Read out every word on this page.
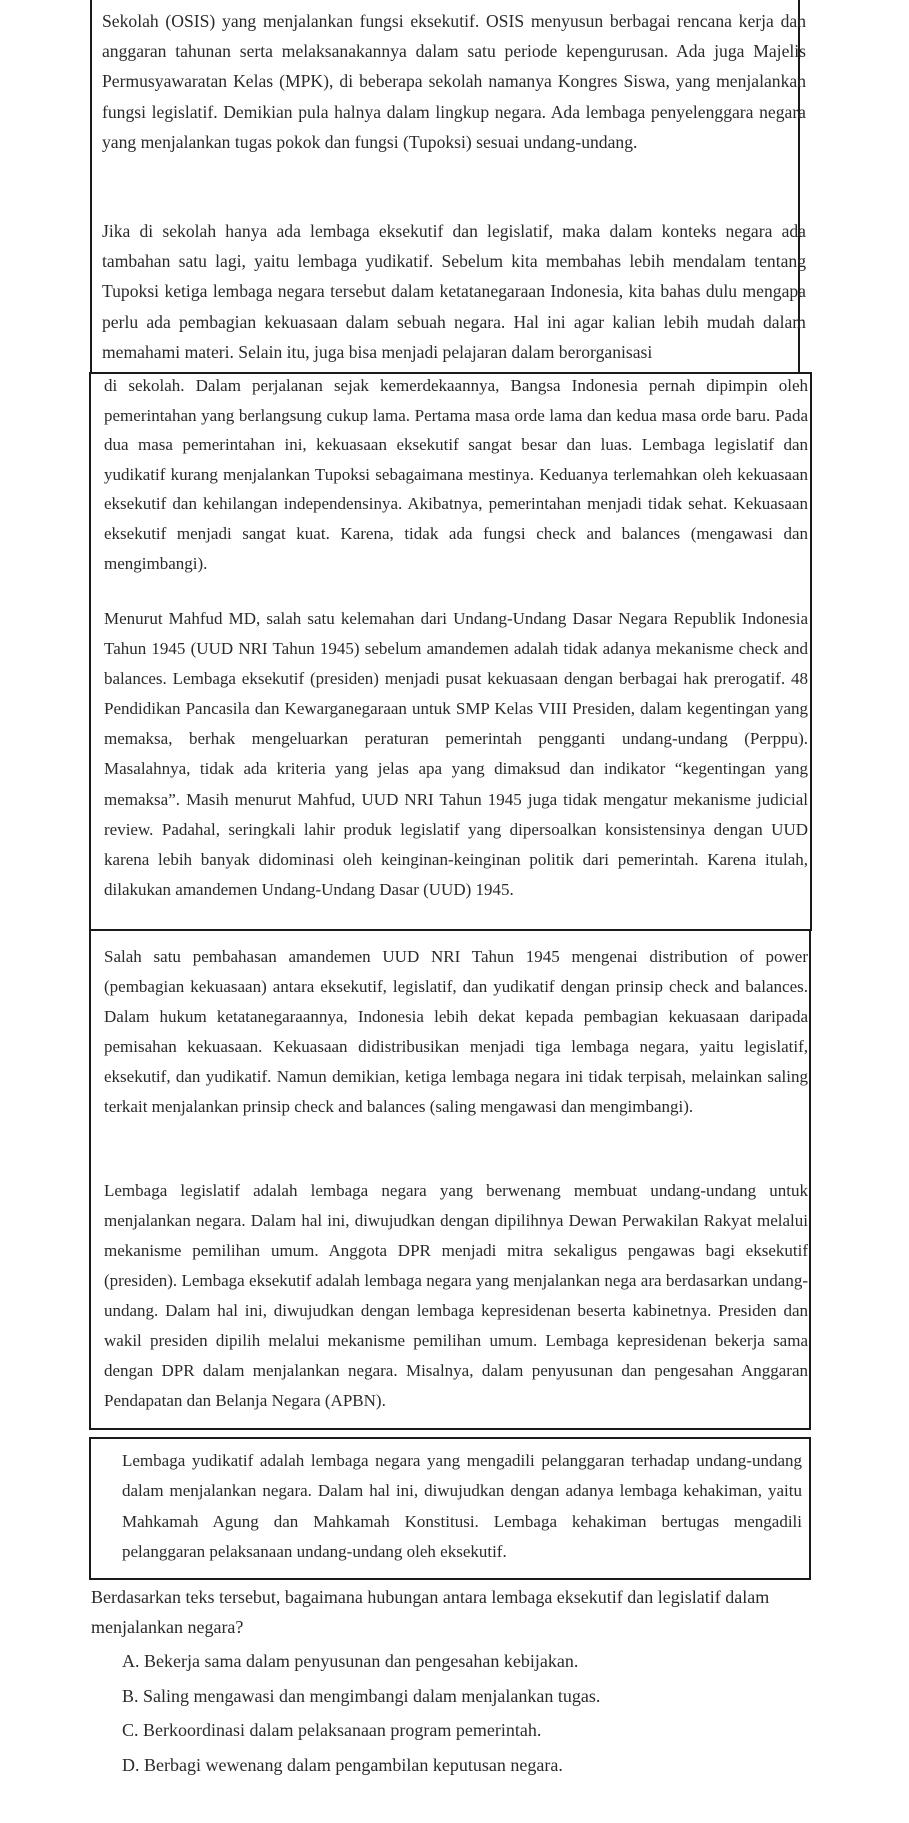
Sekolah (OSIS) yang menjalankan fungsi eksekutif. OSIS menyusun berbagai rencana kerja dan anggaran tahunan serta melaksanakannya dalam satu periode kepengurusan. Ada juga Majelis Permusyawaratan Kelas (MPK), di beberapa sekolah namanya Kongres Siswa, yang menjalankan fungsi legislatif. Demikian pula halnya dalam lingkup negara. Ada lembaga penyelenggara negara yang menjalankan tugas pokok dan fungsi (Tupoksi) sesuai undang-undang.

Jika di sekolah hanya ada lembaga eksekutif dan legislatif, maka dalam konteks negara ada tambahan satu lagi, yaitu lembaga yudikatif. Sebelum kita membahas lebih mendalam tentang Tupoksi ketiga lembaga negara tersebut dalam ketatanegaraan Indonesia, kita bahas dulu mengapa perlu ada pembagian kekuasaan dalam sebuah negara. Hal ini agar kalian lebih mudah dalam memahami materi. Selain itu, juga bisa menjadi pelajaran dalam berorganisasi

di sekolah. Dalam perjalanan sejak kemerdekaannya, Bangsa Indonesia pernah dipimpin oleh pemerintahan yang berlangsung cukup lama. Pertama masa orde lama dan kedua masa orde baru. Pada dua masa pemerintahan ini, kekuasaan eksekutif sangat besar dan luas. Lembaga legislatif dan yudikatif kurang menjalankan Tupoksi sebagaimana mestinya. Keduanya terlemahkan oleh kekuasaan eksekutif dan kehilangan independensinya. Akibatnya, pemerintahan menjadi tidak sehat. Kekuasaan eksekutif menjadi sangat kuat. Karena, tidak ada fungsi check and balances (mengawasi dan mengimbangi).

Menurut Mahfud MD, salah satu kelemahan dari Undang-Undang Dasar Negara Republik Indonesia Tahun 1945 (UUD NRI Tahun 1945) sebelum amandemen adalah tidak adanya mekanisme check and balances. Lembaga eksekutif (presiden) menjadi pusat kekuasaan dengan berbagai hak prerogatif. 48 Pendidikan Pancasila dan Kewarganegaraan untuk SMP Kelas VIII Presiden, dalam kegentingan yang memaksa, berhak mengeluarkan peraturan pemerintah pengganti undang-undang (Perppu). Masalahnya, tidak ada kriteria yang jelas apa yang dimaksud dan indikator “kegentingan yang memaksa”. Masih menurut Mahfud, UUD NRI Tahun 1945 juga tidak mengatur mekanisme judicial review. Padahal, seringkali lahir produk legislatif yang dipersoalkan konsistensinya dengan UUD karena lebih banyak didominasi oleh keinginan-keinginan politik dari pemerintah. Karena itulah, dilakukan amandemen Undang-Undang Dasar (UUD) 1945.

Salah satu pembahasan amandemen UUD NRI Tahun 1945 mengenai distribution of power (pembagian kekuasaan) antara eksekutif, legislatif, dan yudikatif dengan prinsip check and balances. Dalam hukum ketatanegaraannya, Indonesia lebih dekat kepada pembagian kekuasaan daripada pemisahan kekuasaan. Kekuasaan didistribusikan menjadi tiga lembaga negara, yaitu legislatif, eksekutif, dan yudikatif. Namun demikian, ketiga lembaga negara ini tidak terpisah, melainkan saling terkait menjalankan prinsip check and balances (saling mengawasi dan mengimbangi).

Lembaga legislatif adalah lembaga negara yang berwenang membuat undang-undang untuk menjalankan negara. Dalam hal ini, diwujudkan dengan dipilihnya Dewan Perwakilan Rakyat melalui mekanisme pemilihan umum. Anggota DPR menjadi mitra sekaligus pengawas bagi eksekutif (presiden). Lembaga eksekutif adalah lembaga negara yang menjalankan nega ara berdasarkan undang-undang. Dalam hal ini, diwujudkan dengan lembaga kepresidenan beserta kabinetnya. Presiden dan wakil presiden dipilih melalui mekanisme pemilihan umum. Lembaga kepresidenan bekerja sama dengan DPR dalam menjalankan negara. Misalnya, dalam penyusunan dan pengesahan Anggaran Pendapatan dan Belanja Negara (APBN).

Lembaga yudikatif adalah lembaga negara yang mengadili pelanggaran terhadap undang-undang dalam menjalankan negara. Dalam hal ini, diwujudkan dengan adanya lembaga kehakiman, yaitu Mahkamah Agung dan Mahkamah Konstitusi. Lembaga kehakiman bertugas mengadili pelanggaran pelaksanaan undang-undang oleh eksekutif.

Berdasarkan teks tersebut, bagaimana hubungan antara lembaga eksekutif dan legislatif dalam menjalankan negara?

A. Bekerja sama dalam penyusunan dan pengesahan kebijakan.
B. Saling mengawasi dan mengimbangi dalam menjalankan tugas.
C. Berkoordinasi dalam pelaksanaan program pemerintah.
D. Berbagi wewenang dalam pengambilan keputusan negara.
